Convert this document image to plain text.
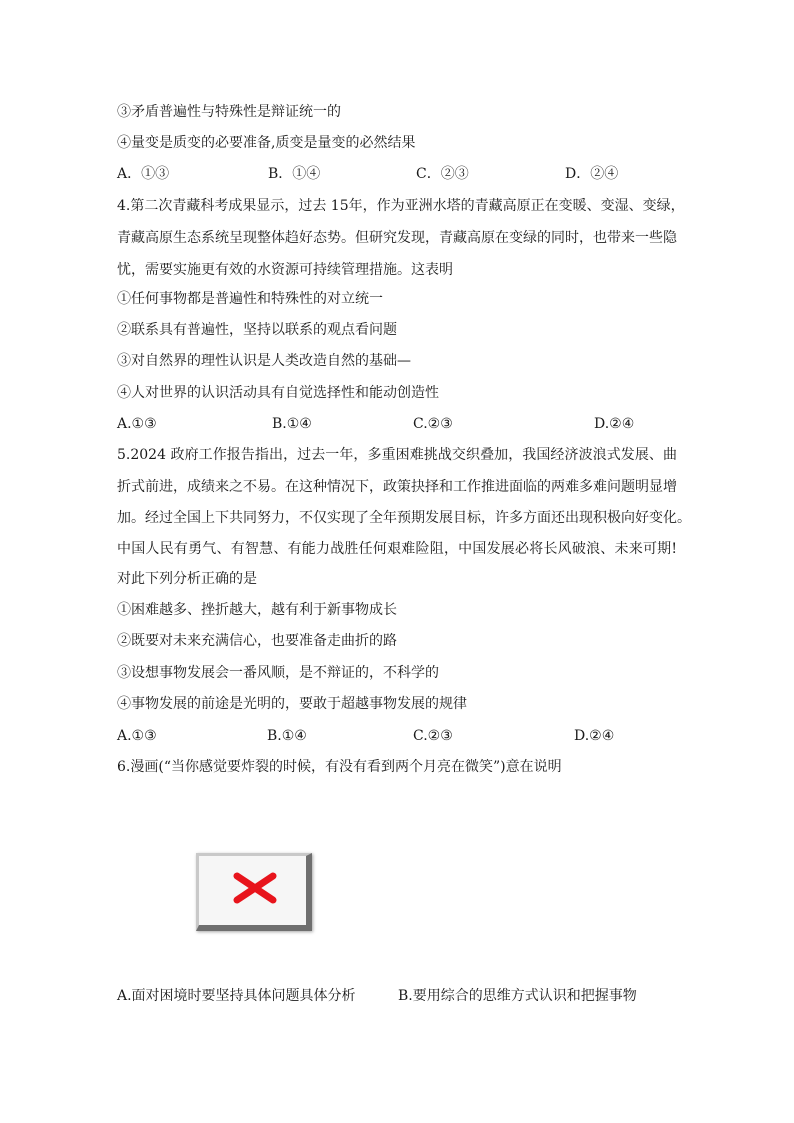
③矛盾普遍性与特殊性是辩证统一的
④量变是质变的必要准备,质变是量变的必然结果
A．①③	B．①④	C．②③	D．②④
4.第二次青藏科考成果显示，过去 15年，作为亚洲水塔的青藏高原正在变暖、变湿、变绿，
青藏高原生态系统呈现整体趋好态势。但研究发现，青藏高原在变绿的同时，也带来一些隐
忧，需要实施更有效的水资源可持续管理措施。这表明
①任何事物都是普遍性和特殊性的对立统一
②联系具有普遍性，坚持以联系的观点看问题
③对自然界的理性认识是人类改造自然的基础—
④人对世界的认识活动具有自觉选择性和能动创造性
A.①③	B.①④	C.②③	D.②④
5.2024 政府工作报告指出，过去一年，多重困难挑战交织叠加，我国经济波浪式发展、曲
折式前进，成绩来之不易。在这种情况下，政策抉择和工作推进面临的两难多难问题明显增
加。经过全国上下共同努力，不仅实现了全年预期发展目标，许多方面还出现积极向好变化。
中国人民有勇气、有智慧、有能力战胜任何艰难险阻，中国发展必将长风破浪、未来可期!
对此下列分析正确的是
①困难越多、挫折越大，越有利于新事物成长
②既要对未来充满信心，也要准备走曲折的路
③设想事物发展会一番风顺，是不辩证的，不科学的
④事物发展的前途是光明的，要敢于超越事物发展的规律
A.①③	B.①④	C.②③	D.②④
6.漫画(“当你感觉要炸裂的时候，有没有看到两个月亮在微笑”)意在说明
A.面对困境时要坚持具体问题具体分析	B.要用综合的思维方式认识和把握事物
